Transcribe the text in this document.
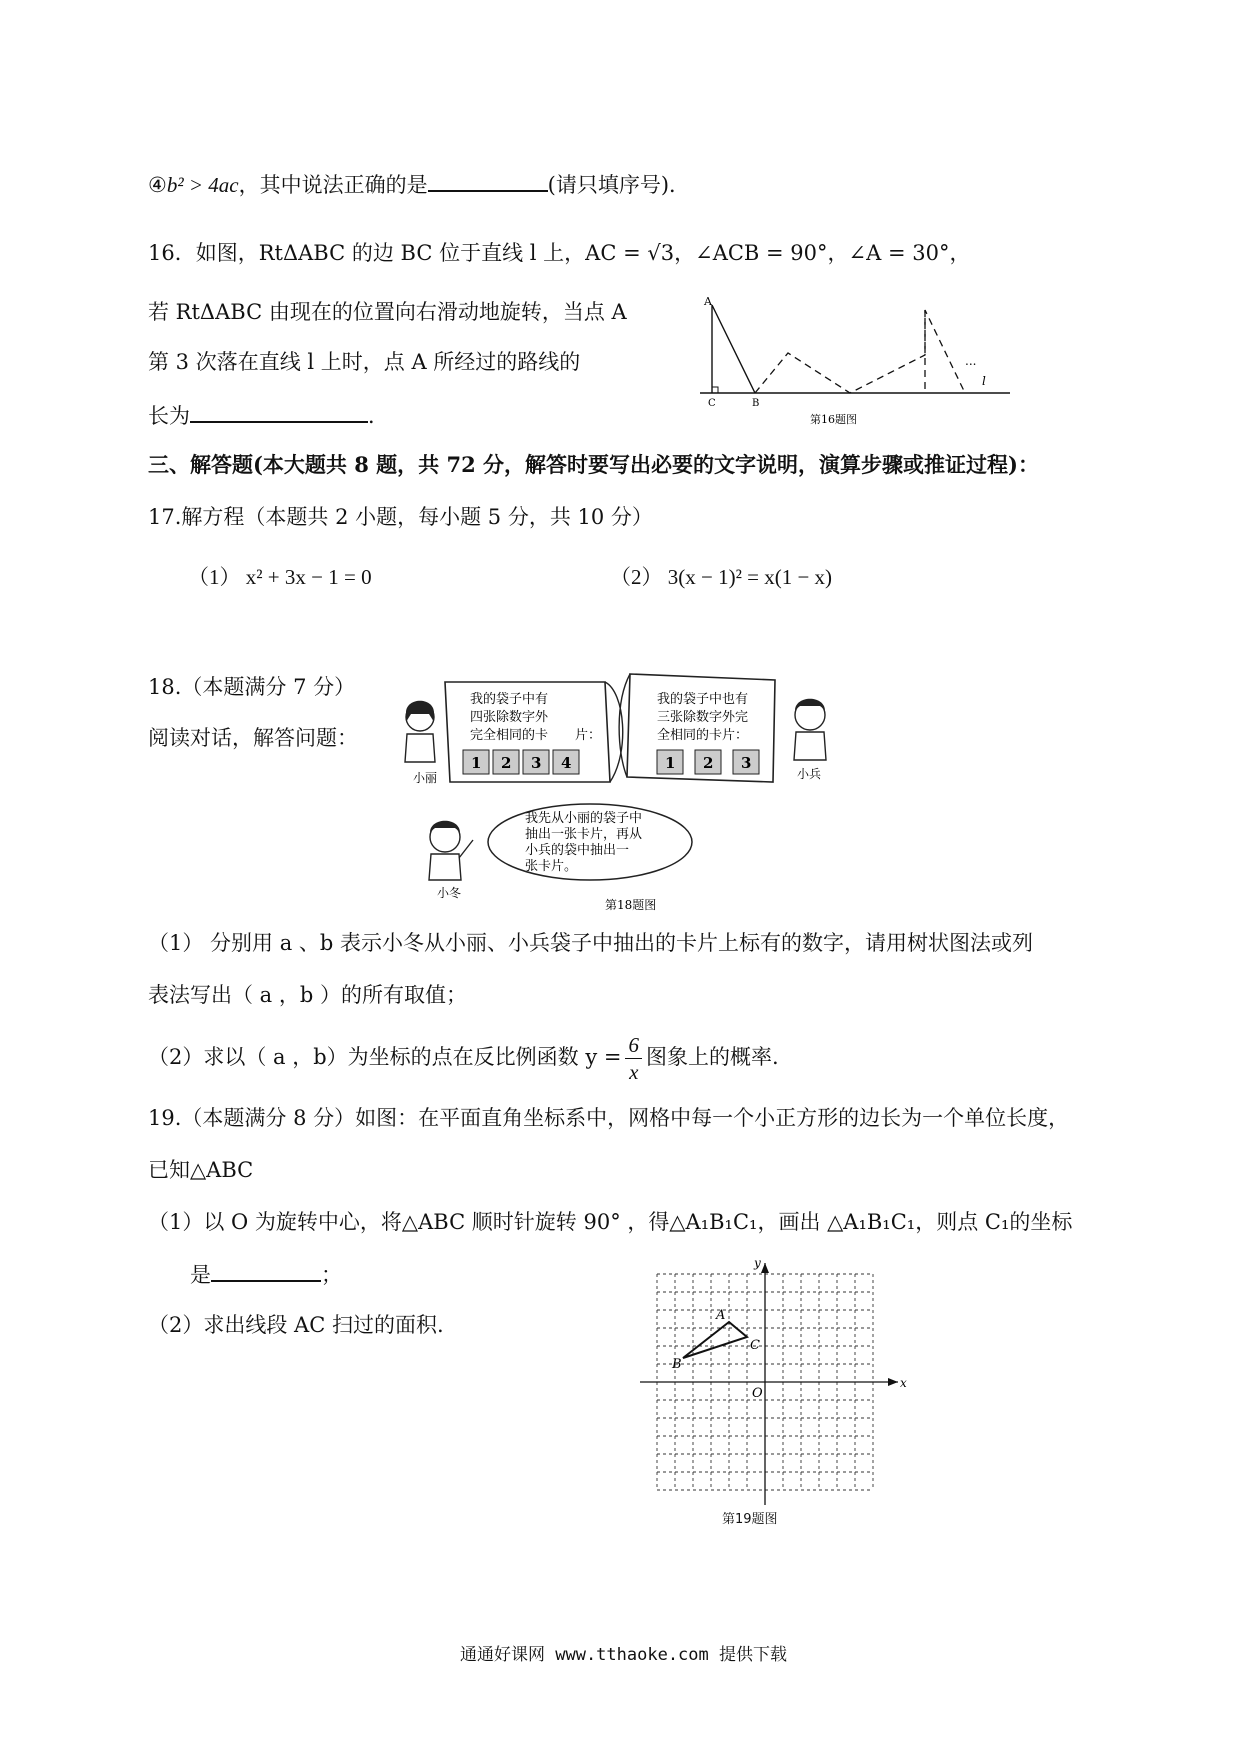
④b² > 4ac，其中说法正确的是	(请只填序号)．
16．如图，RtΔABC 的边 BC 位于直线 l 上，AC = √3，∠ACB = 90°，∠A = 30°，
若 RtΔABC 由现在的位置向右滑动地旋转，当点 A
第 3 次落在直线 l 上时，点 A 所经过的路线的
长为	．
A
C	B
l
...
第16题图
三、解答题(本大题共 8 题，共 72 分，解答时要写出必要的文字说明，演算步骤或推证过程)：
17.解方程（本题共 2 小题，每小题 5 分，共 10 分）
（1） x² + 3x − 1 = 0	（2） 3(x − 1)² = x(1 − x)
18.（本题满分 7 分）
阅读对话，解答问题：
我的袋子中有
四张除数字外
完全相同的卡 片：
1 2 3 4
我的袋子中也有
三张除数字外完
全相同的卡片：
1 2 3
小丽
小冬
我先从小丽的袋子中
抽出一张卡片，再从
小兵的袋中抽出一
张卡片。
第18题图
小兵
（1） 分别用 a 、b 表示小冬从小丽、小兵袋子中抽出的卡片上标有的数字，请用树状图法或列
表法写出（ a ，b ）的所有取值；
（2）求以（ a ，b）为坐标的点在反比例函数 $y = \frac{6}{x}$ 图象上的概率.
19.（本题满分 8 分）如图：在平面直角坐标系中，网格中每一个小正方形的边长为一个单位长度，
已知△ABC
（1）以 O 为旋转中心，将△ABC 顺时针旋转 90° ，得△A₁B₁C₁，画出 △A₁B₁C₁，则点 C₁的坐标
是	；
（2）求出线段 AC 扫过的面积.
x
y
O
A
B
C
第19题图
通通好课网 www.tthaoke.com 提供下载
